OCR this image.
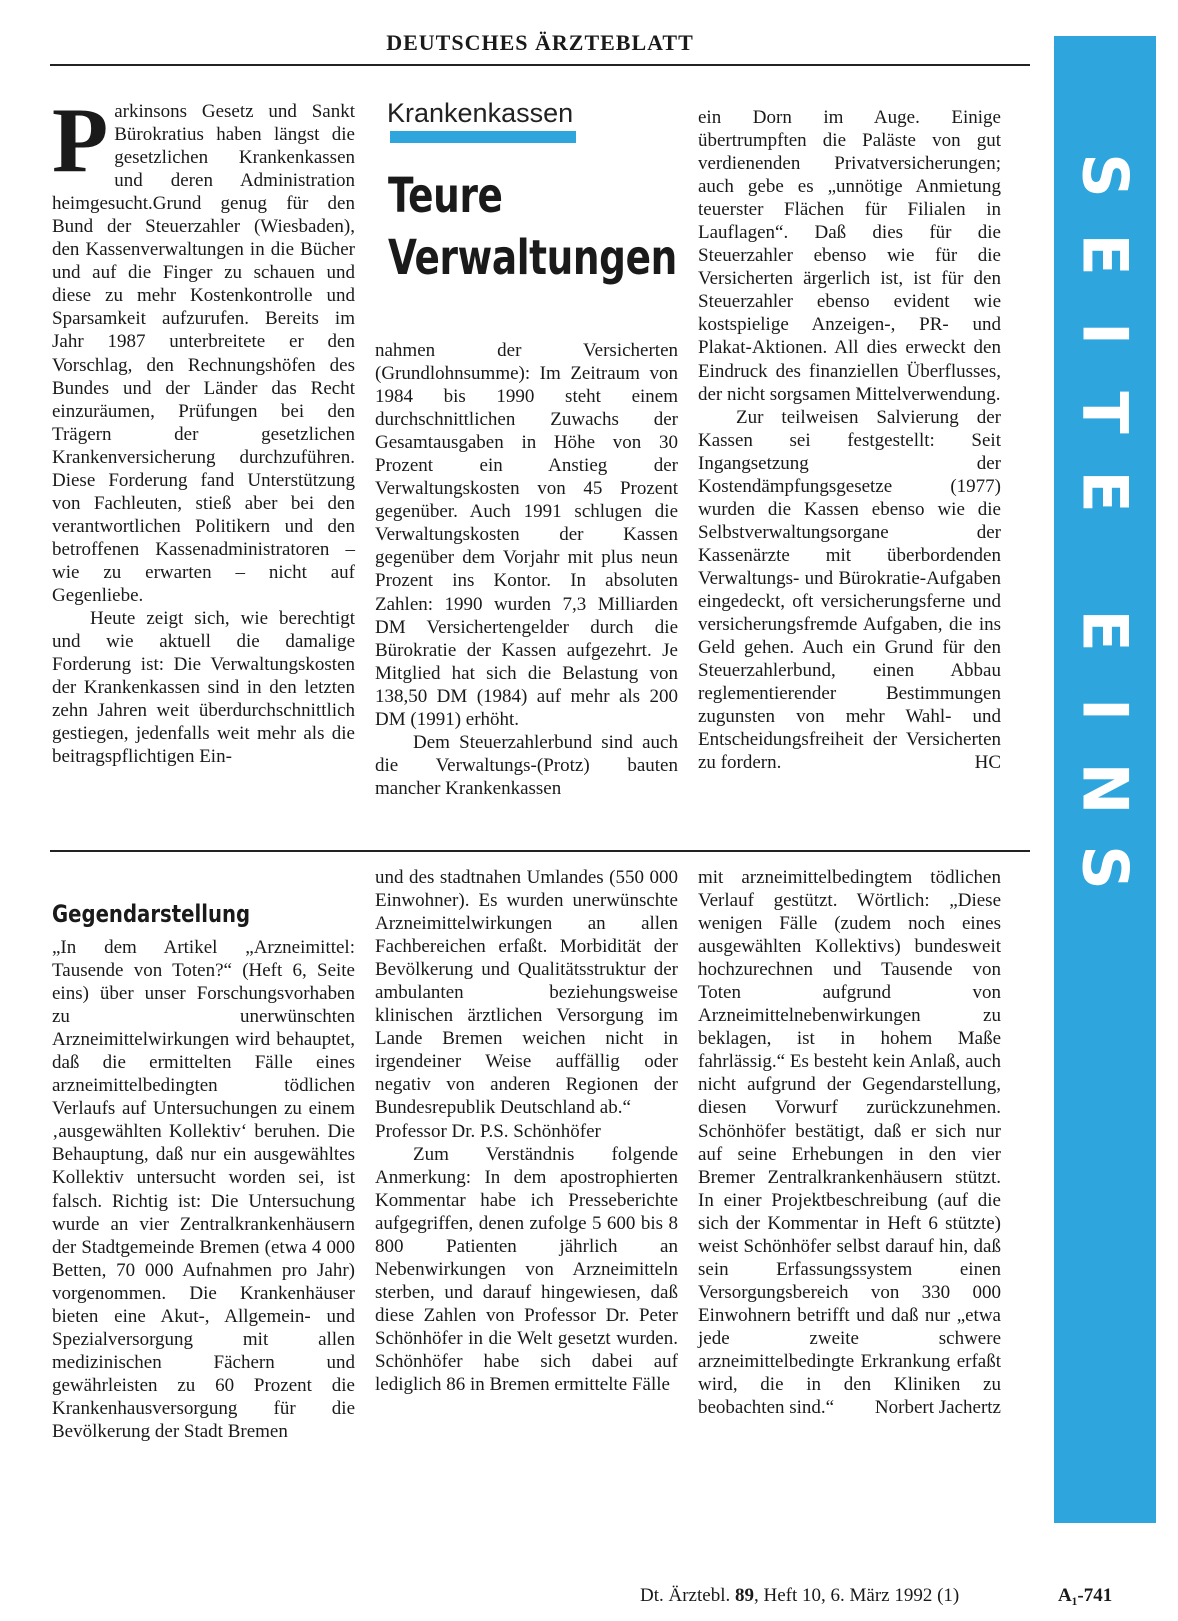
DEUTSCHES ÄRZTEBLATT
S
E
I
T
E
E
I
N
S
Krankenkassen
Teure
Verwaltungen

Parkinsons Gesetz und Sankt Bürokratius haben längst die gesetzlichen Krankenkassen und deren Administration heimgesucht.Grund genug für den Bund der Steuerzahler (Wiesbaden), den Kassenverwaltungen in die Bücher und auf die Finger zu schauen und diese zu mehr Kostenkontrolle und Sparsamkeit aufzurufen. Bereits im Jahr 1987 unterbreitete er den Vorschlag, den Rechnungshöfen des Bundes und der Länder das Recht einzuräumen, Prüfungen bei den Trägern der gesetzlichen Krankenversicherung durchzuführen. Diese Forderung fand Unterstützung von Fachleuten, stieß aber bei den verantwortlichen Politikern und den betroffenen Kassenadministratoren – wie zu erwarten – nicht auf Gegenliebe.

Heute zeigt sich, wie berechtigt und wie aktuell die damalige Forderung ist: Die Verwaltungskosten der Krankenkassen sind in den letzten zehn Jahren weit überdurchschnittlich gestiegen, jedenfalls weit mehr als die beitragspflichtigen Ein-

nahmen der Versicherten (Grundlohnsumme): Im Zeitraum von 1984 bis 1990 steht einem durchschnittlichen Zuwachs der Gesamtausgaben in Höhe von 30 Prozent ein Anstieg der Verwaltungskosten von 45 Prozent gegenüber. Auch 1991 schlugen die Verwaltungskosten der Kassen gegenüber dem Vorjahr mit plus neun Prozent ins Kontor. In absoluten Zahlen: 1990 wurden 7,3 Milliarden DM Versichertengelder durch die Bürokratie der Kassen aufgezehrt. Je Mitglied hat sich die Belastung von 138,50 DM (1984) auf mehr als 200 DM (1991) erhöht.

Dem Steuerzahlerbund sind auch die Verwaltungs-(Protz) bauten mancher Krankenkassen

ein Dorn im Auge. Einige übertrumpften die Paläste von gut verdienenden Privatversicherungen; auch gebe es „unnötige Anmietung teuerster Flächen für Filialen in Lauflagen“. Daß dies für die Steuerzahler ebenso wie für die Versicherten ärgerlich ist, ist für den Steuerzahler ebenso evident wie kostspielige Anzeigen-, PR- und Plakat-Aktionen. All dies erweckt den Eindruck des finanziellen Überflusses, der nicht sorgsamen Mittelverwendung.

Zur teilweisen Salvierung der Kassen sei festgestellt: Seit Ingangsetzung der Kostendämpfungsgesetze (1977) wurden die Kassen ebenso wie die Selbstverwaltungsorgane der Kassenärzte mit überbordenden Verwaltungs- und Bürokratie-Aufgaben eingedeckt, oft versicherungsferne und versicherungsfremde Aufgaben, die ins Geld gehen. Auch ein Grund für den Steuerzahlerbund, einen Abbau reglementierender Bestimmungen zugunsten von mehr Wahl- und Entscheidungsfreiheit der Versicherten zu fordern.	HC

Gegendarstellung

„In dem Artikel „Arzneimittel: Tausende von Toten?“ (Heft 6, Seite eins) über unser Forschungsvorhaben zu unerwünschten Arzneimittelwirkungen wird behauptet, daß die ermittelten Fälle eines arzneimittelbedingten tödlichen Verlaufs auf Untersuchungen zu einem ‚ausgewählten Kollektiv‘ beruhen. Die Behauptung, daß nur ein ausgewähltes Kollektiv untersucht worden sei, ist falsch. Richtig ist: Die Untersuchung wurde an vier Zentralkrankenhäusern der Stadtgemeinde Bremen (etwa 4 000 Betten, 70 000 Aufnahmen pro Jahr) vorgenommen. Die Krankenhäuser bieten eine Akut-, Allgemein- und Spezialversorgung mit allen medizinischen Fächern und gewährleisten zu 60 Prozent die Krankenhausversorgung für die Bevölkerung der Stadt Bremen

und des stadtnahen Umlandes (550 000 Einwohner). Es wurden unerwünschte Arzneimittelwirkungen an allen Fachbereichen erfaßt. Morbidität der Bevölkerung und Qualitätsstruktur der ambulanten beziehungsweise klinischen ärztlichen Versorgung im Lande Bremen weichen nicht in irgendeiner Weise auffällig oder negativ von anderen Regionen der Bundesrepublik Deutschland ab.“

Professor Dr. P.S. Schönhöfer

Zum Verständnis folgende Anmerkung: In dem apostrophierten Kommentar habe ich Presseberichte aufgegriffen, denen zufolge 5 600 bis 8 800 Patienten jährlich an Nebenwirkungen von Arzneimitteln sterben, und darauf hingewiesen, daß diese Zahlen von Professor Dr. Peter Schönhöfer in die Welt gesetzt wurden. Schönhöfer habe sich dabei auf lediglich 86 in Bremen ermittelte Fälle

mit arzneimittelbedingtem tödlichen Verlauf gestützt. Wörtlich: „Diese wenigen Fälle (zudem noch eines ausgewählten Kollektivs) bundesweit hochzurechnen und Tausende von Toten aufgrund von Arzneimittelnebenwirkungen zu beklagen, ist in hohem Maße fahrlässig.“ Es besteht kein Anlaß, auch nicht aufgrund der Gegendarstellung, diesen Vorwurf zurückzunehmen. Schönhöfer bestätigt, daß er sich nur auf seine Erhebungen in den vier Bremer Zentralkrankenhäusern stützt. In einer Projektbeschreibung (auf die sich der Kommentar in Heft 6 stützte) weist Schönhöfer selbst darauf hin, daß sein Erfassungssystem einen Versorgungsbereich von 330 000 Einwohnern betrifft und daß nur „etwa jede zweite schwere arzneimittelbedingte Erkrankung erfaßt wird, die in den Kliniken zu beobachten sind.“ Norbert Jachertz

Dt. Ärztebl. 89, Heft 10, 6. März 1992 (1)	A₁-741
